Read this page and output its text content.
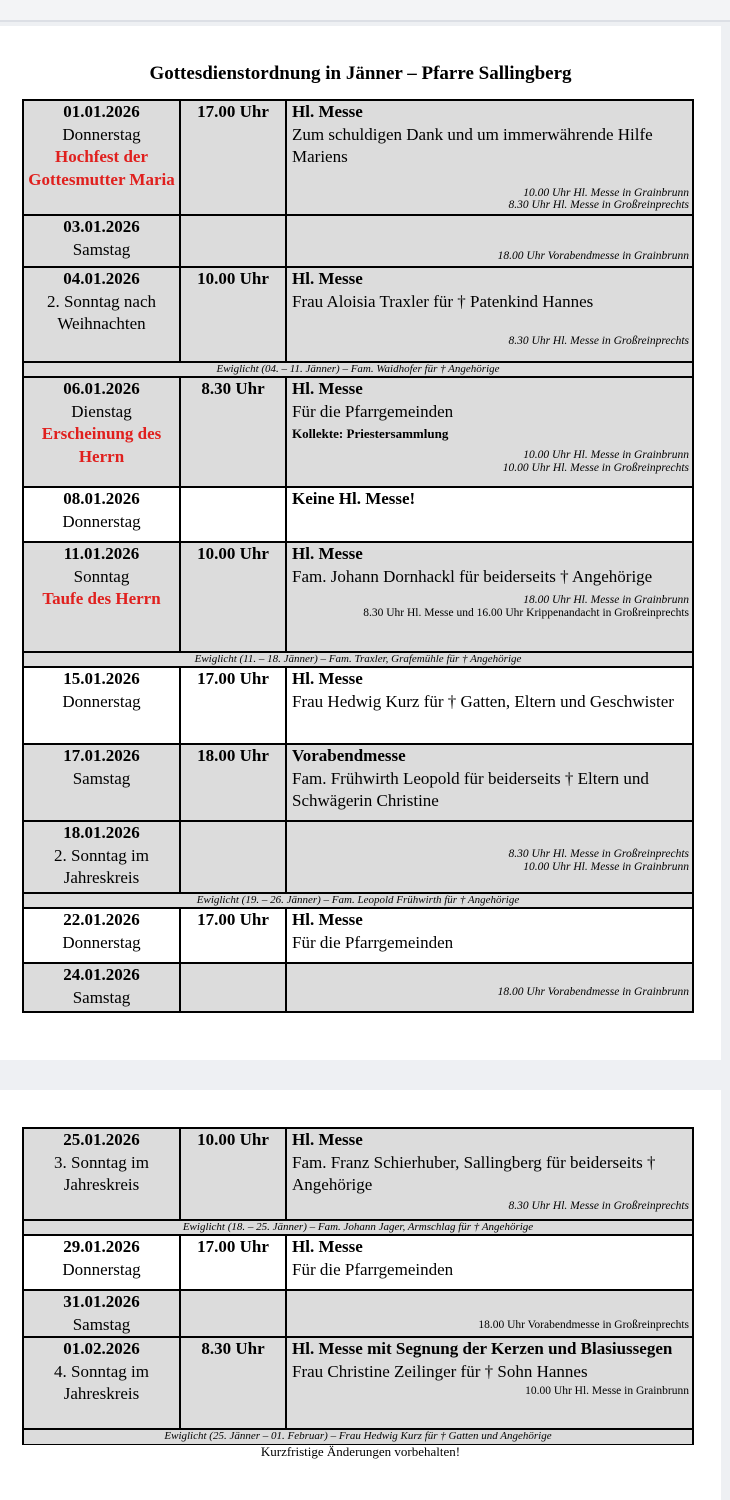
Gottesdienstordnung in Jänner – Pfarre Sallingberg
01.01.2026
Donnerstag
Hochfest der Gottesmutter Maria	17.00 Uhr	Hl. Messe
Zum schuldigen Dank und um immerwährende Hilfe Mariens
10.00 Uhr Hl. Messe in Grainbrunn
8.30 Uhr Hl. Messe in Großreinprechts

03.01.2026
Samstag		18.00 Uhr Vorabendmesse in Grainbrunn

04.01.2026
2. Sonntag nach Weihnachten	10.00 Uhr	Hl. Messe
Frau Aloisia Traxler für † Patenkind Hannes
8.30 Uhr Hl. Messe in Großreinprechts

Ewiglicht (04. – 11. Jänner) – Fam. Waidhofer für † Angehörige		

06.01.2026
Dienstag
Erscheinung des Herrn	8.30 Uhr	Hl. Messe
Für die Pfarrgemeinden
Kollekte: Priestersammlung
10.00 Uhr Hl. Messe in Grainbrunn
10.00 Uhr Hl. Messe in Großreinprechts

08.01.2026
Donnerstag		Keine Hl. Messe!

11.01.2026
Sonntag
Taufe des Herrn	10.00 Uhr	Hl. Messe
Fam. Johann Dornhackl für beiderseits † Angehörige
18.00 Uhr Hl. Messe in Grainbrunn
8.30 Uhr Hl. Messe und 16.00 Uhr Krippenandacht in Großreinprechts

Ewiglicht (11. – 18. Jänner) – Fam. Traxler, Grafemühle für † Angehörige		

15.01.2026
Donnerstag	17.00 Uhr	Hl. Messe
Frau Hedwig Kurz für † Gatten, Eltern und Geschwister

17.01.2026
Samstag	18.00 Uhr	Vorabendmesse
Fam. Frühwirth Leopold für beiderseits † Eltern und Schwägerin Christine

18.01.2026
2. Sonntag im Jahreskreis		8.30 Uhr Hl. Messe in Großreinprechts
10.00 Uhr Hl. Messe in Grainbrunn

Ewiglicht (19. – 26. Jänner) – Fam. Leopold Frühwirth für † Angehörige		

22.01.2026
Donnerstag	17.00 Uhr	Hl. Messe
Für die Pfarrgemeinden

24.01.2026
Samstag		18.00 Uhr Vorabendmesse in Grainbrunn
25.01.2026
3. Sonntag im Jahreskreis	10.00 Uhr	Hl. Messe
Fam. Franz Schierhuber, Sallingberg für beiderseits † Angehörige
8.30 Uhr Hl. Messe in Großreinprechts

Ewiglicht (18. – 25. Jänner) – Fam. Johann Jager, Armschlag für † Angehörige		

29.01.2026
Donnerstag	17.00 Uhr	Hl. Messe
Für die Pfarrgemeinden

31.01.2026
Samstag		18.00 Uhr Vorabendmesse in Großreinprechts

01.02.2026
4. Sonntag im Jahreskreis	8.30 Uhr	Hl. Messe mit Segnung der Kerzen und Blasiussegen
Frau Christine Zeilinger für † Sohn Hannes
10.00 Uhr Hl. Messe in Grainbrunn

Ewiglicht (25. Jänner – 01. Februar) – Frau Hedwig Kurz für † Gatten und Angehörige		
Kurzfristige Änderungen vorbehalten!
